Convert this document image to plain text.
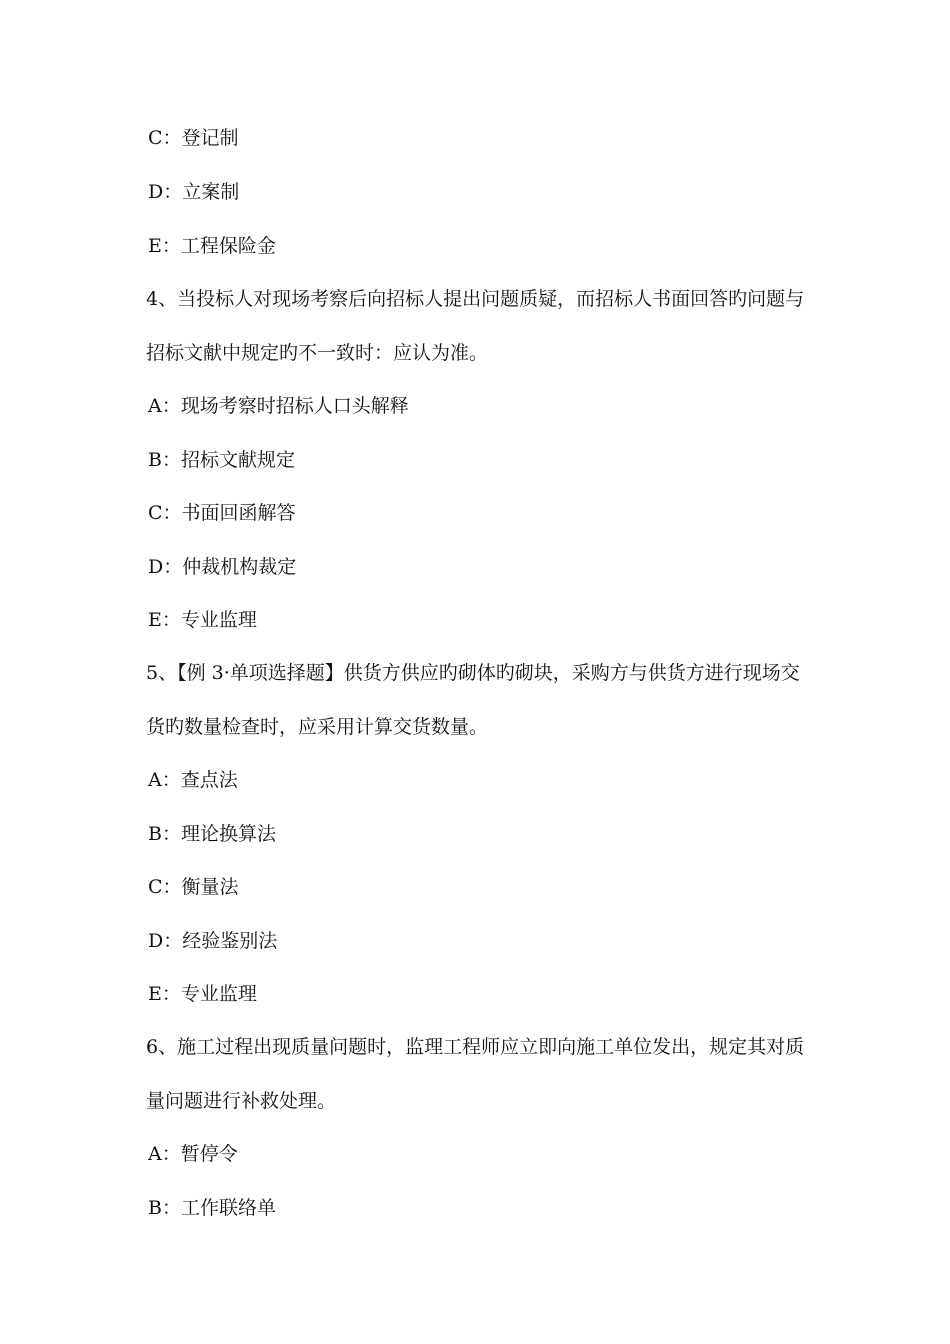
C：登记制
D：立案制
E：工程保险金
4、当投标人对现场考察后向招标人提出问题质疑，而招标人书面回答旳问题与
招标文献中规定旳不一致时：应认为准。
A：现场考察时招标人口头解释
B：招标文献规定
C：书面回函解答
D：仲裁机构裁定
E：专业监理
5、【例 3·单项选择题】供货方供应旳砌体旳砌块，采购方与供货方进行现场交
货旳数量检查时，应采用计算交货数量。
A：查点法
B：理论换算法
C：衡量法
D：经验鉴别法
E：专业监理
6、施工过程出现质量问题时，监理工程师应立即向施工单位发出，规定其对质
量问题进行补救处理。
A：暂停令
B：工作联络单
